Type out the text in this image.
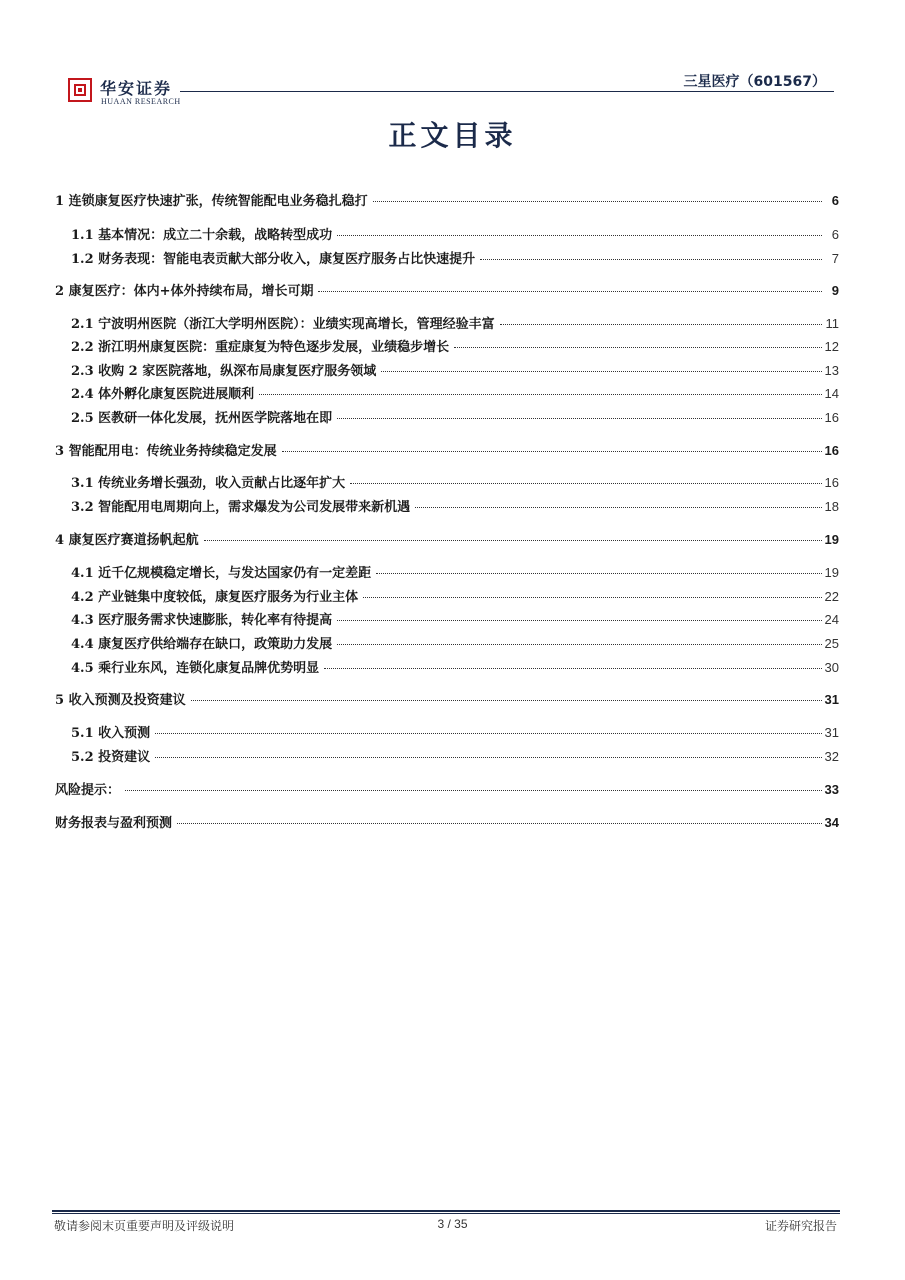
华安证券
HUAAN RESEARCH
三星医疗（601567）
正文目录
1 连锁康复医疗快速扩张，传统智能配电业务稳扎稳打	6
1.1 基本情况：成立二十余载，战略转型成功	6
1.2 财务表现：智能电表贡献大部分收入，康复医疗服务占比快速提升	7
2 康复医疗：体内+体外持续布局，增长可期	9
2.1 宁波明州医院（浙江大学明州医院）：业绩实现高增长，管理经验丰富	11
2.2 浙江明州康复医院：重症康复为特色逐步发展，业绩稳步增长	12
2.3 收购 2 家医院落地，纵深布局康复医疗服务领域	13
2.4 体外孵化康复医院进展顺利	14
2.5 医教研一体化发展，抚州医学院落地在即	16
3 智能配用电：传统业务持续稳定发展	16
3.1 传统业务增长强劲，收入贡献占比逐年扩大	16
3.2 智能配用电周期向上，需求爆发为公司发展带来新机遇	18
4 康复医疗赛道扬帆起航	19
4.1 近千亿规模稳定增长，与发达国家仍有一定差距	19
4.2 产业链集中度较低，康复医疗服务为行业主体	22
4.3 医疗服务需求快速膨胀，转化率有待提高	24
4.4 康复医疗供给端存在缺口，政策助力发展	25
4.5 乘行业东风，连锁化康复品牌优势明显	30
5 收入预测及投资建议	31
5.1 收入预测	31
5.2 投资建议	32
风险提示：	33
财务报表与盈利预测	34
敬请参阅末页重要声明及评级说明	3 / 35	证券研究报告
